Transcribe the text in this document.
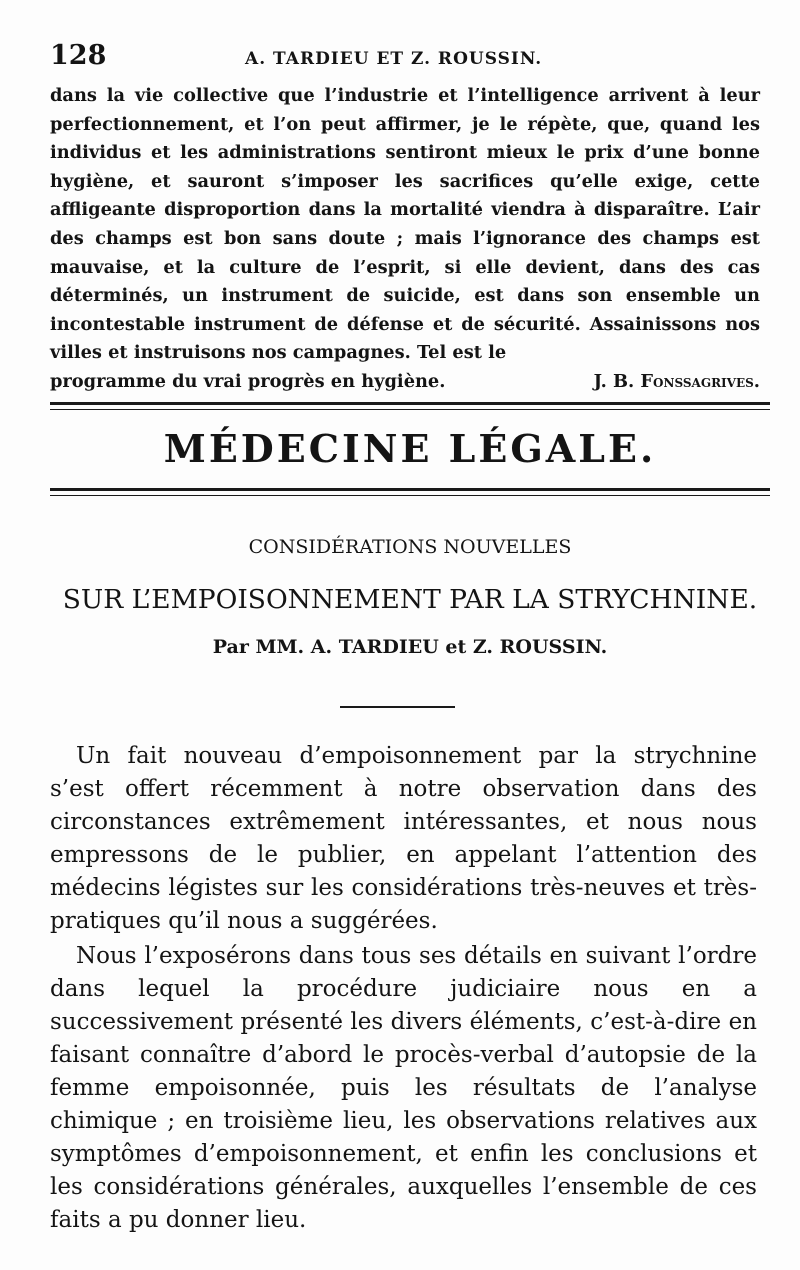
128	A. TARDIEU ET Z. ROUSSIN.
dans la vie collective que l’industrie et l’intelligence arrivent à leur perfectionnement, et l’on peut affirmer, je le répète, que, quand les individus et les administrations sentiront mieux le prix d’une bonne hygiène, et sauront s’imposer les sacrifices qu’elle exige, cette affligeante disproportion dans la mortalité viendra à disparaître. L’air des champs est bon sans doute ; mais l’ignorance des champs est mauvaise, et la culture de l’esprit, si elle devient, dans des cas déterminés, un instrument de suicide, est dans son ensemble un incontestable instrument de défense et de sécurité. Assainissons nos villes et instruisons nos campagnes. Tel est le
programme du vrai progrès en hygiène.	J. B. Fonssagrives.
MÉDECINE LÉGALE.
CONSIDÉRATIONS NOUVELLES
SUR L’EMPOISONNEMENT PAR LA STRYCHNINE.
Par MM. A. TARDIEU et Z. ROUSSIN.

Un fait nouveau d’empoisonnement par la strychnine s’est offert récemment à notre observation dans des circonstances extrêmement intéressantes, et nous nous empressons de le publier, en appelant l’attention des médecins légistes sur les considérations très-neuves et très-pratiques qu’il nous a suggérées.

Nous l’exposérons dans tous ses détails en suivant l’ordre dans lequel la procédure judiciaire nous en a successivement présenté les divers éléments, c’est-à-dire en faisant connaître d’abord le procès-verbal d’autopsie de la femme empoisonnée, puis les résultats de l’analyse chimique ; en troisième lieu, les observations relatives aux symptômes d’empoisonnement, et enfin les conclusions et les considérations générales, auxquelles l’ensemble de ces faits a pu donner lieu.
